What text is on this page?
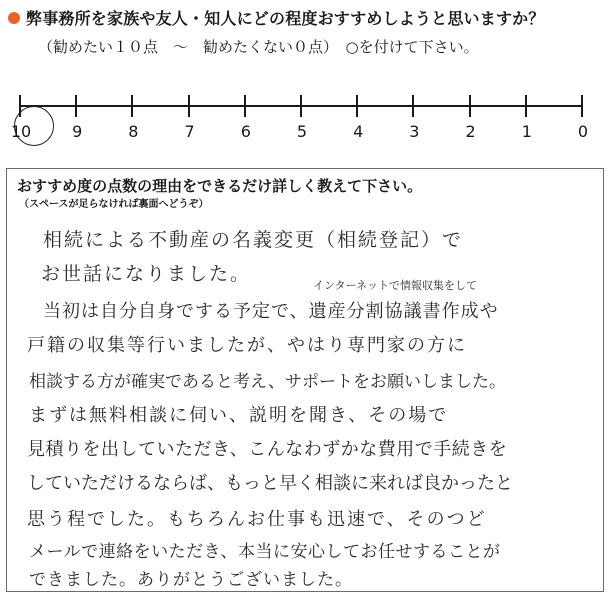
弊事務所を家族や友人・知人にどの程度おすすめしようと思いますか？
（勧めたい１０点　～　勧めたくない０点）　○を付けて下さい。
10	9	8	7	6	5	4	3	2	1	0
おすすめ度の点数の理由をできるだけ詳しく教えて下さい。
（スペースが足らなければ裏面へどうぞ）
相続による不動産の名義変更（相続登記）で
お世話になりました。
インターネットで情報収集をして
当初は自分自身でする予定で、遺産分割協議書作成や
戸籍の収集等行いましたが、やはり専門家の方に
相談する方が確実であると考え、サポートをお願いしました。
まずは無料相談に伺い、説明を聞き、その場で
見積りを出していただき、こんなわずかな費用で手続きを
していただけるならば、もっと早く相談に来れば良かったと
思う程でした。もちろんお仕事も迅速で、そのつど
メールで連絡をいただき、本当に安心してお任せすることが
できました。ありがとうございました。
